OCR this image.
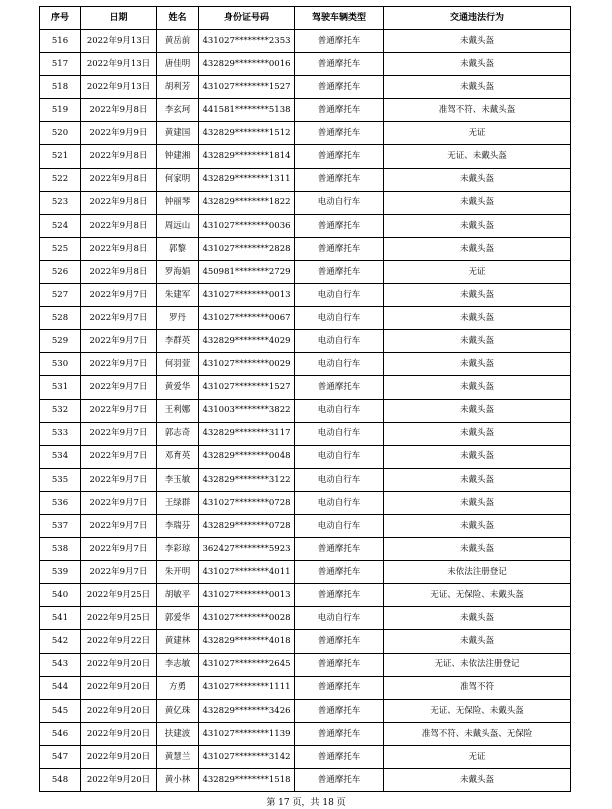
序号	日期	姓名	身份证号码	驾驶车辆类型	交通违法行为
516	2022年9月13日	黄岳前	431027********2353	普通摩托车	未戴头盔
517	2022年9月13日	唐佳明	432829********0016	普通摩托车	未戴头盔
518	2022年9月13日	胡利芳	431027********1527	普通摩托车	未戴头盔
519	2022年9月8日	李玄珂	441581********5138	普通摩托车	准驾不符、未戴头盔
520	2022年9月9日	黄建国	432829********1512	普通摩托车	无证
521	2022年9月8日	钟建湘	432829********1814	普通摩托车	无证、未戴头盔
522	2022年9月8日	何家明	432829********1311	普通摩托车	未戴头盔
523	2022年9月8日	钟丽琴	432829********1822	电动自行车	未戴头盔
524	2022年9月8日	周远山	431027********0036	普通摩托车	未戴头盔
525	2022年9月8日	郭黎	431027********2828	普通摩托车	未戴头盔
526	2022年9月8日	罗海娟	450981********2729	普通摩托车	无证
527	2022年9月7日	朱建军	431027********0013	电动自行车	未戴头盔
528	2022年9月7日	罗丹	431027********0067	电动自行车	未戴头盔
529	2022年9月7日	李群英	432829********4029	电动自行车	未戴头盔
530	2022年9月7日	何羽萱	431027********0029	电动自行车	未戴头盔
531	2022年9月7日	黄爱华	431027********1527	普通摩托车	未戴头盔
532	2022年9月7日	王利娜	431003********3822	电动自行车	未戴头盔
533	2022年9月7日	郭志奇	432829********3117	电动自行车	未戴头盔
534	2022年9月7日	邓育英	432829********0048	电动自行车	未戴头盔
535	2022年9月7日	李玉敏	432829********3122	电动自行车	未戴头盔
536	2022年9月7日	王绿群	431027********0728	电动自行车	未戴头盔
537	2022年9月7日	李瑞芬	432829********0728	电动自行车	未戴头盔
538	2022年9月7日	李彩琼	362427********5923	普通摩托车	未戴头盔
539	2022年9月7日	朱开明	431027********4011	普通摩托车	未依法注册登记
540	2022年9月25日	胡敏平	431027********0013	普通摩托车	无证、无保险、未戴头盔
541	2022年9月25日	郭爱华	431027********0028	电动自行车	未戴头盔
542	2022年9月22日	黄建林	432829********4018	普通摩托车	未戴头盔
543	2022年9月20日	李志敏	431027********2645	普通摩托车	无证、未依法注册登记
544	2022年9月20日	方勇	431027********1111	普通摩托车	准驾不符
545	2022年9月20日	黄亿珠	432829********3426	普通摩托车	无证、无保险、未戴头盔
546	2022年9月20日	扶建波	431027********1139	普通摩托车	准驾不符、未戴头盔、无保险
547	2022年9月20日	黄慧兰	431027********3142	普通摩托车	无证
548	2022年9月20日	黄小林	432829********1518	普通摩托车	未戴头盔
第 17 页，共 18 页
